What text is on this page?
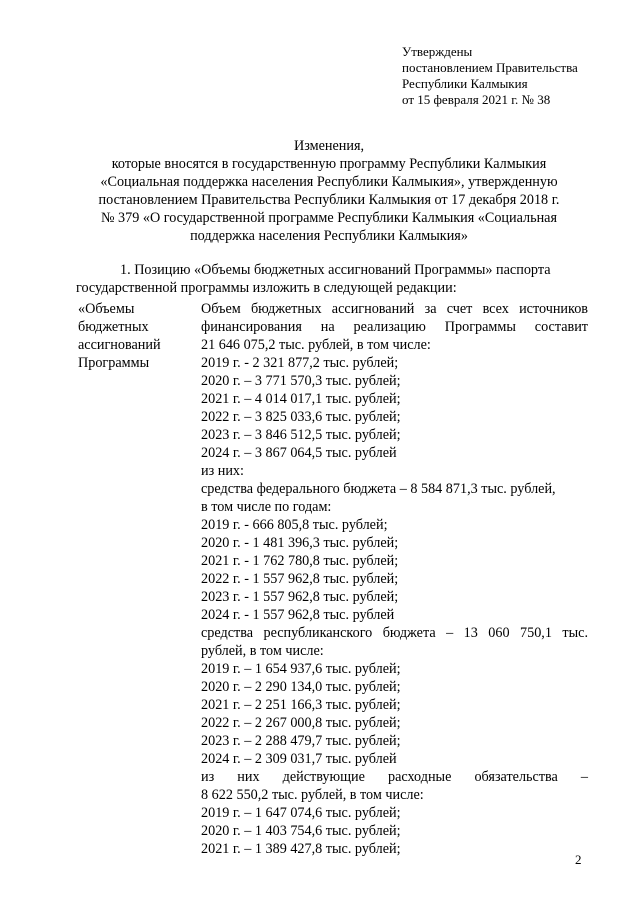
Утверждены
постановлением Правительства
Республики Калмыкия
от 15 февраля 2021 г. № 38
Изменения,
которые вносятся в государственную программу Республики Калмыкия
«Социальная поддержка населения Республики Калмыкия», утвержденную
постановлением Правительства Республики Калмыкия от 17 декабря 2018 г.
№ 379 «О государственной программе Республики Калмыкия «Социальная
поддержка населения Республики Калмыкия»
1. Позицию «Объемы бюджетных ассигнований Программы» паспорта
государственной программы изложить в следующей редакции:
«Объемы
бюджетных
ассигнований
Программы
Объем бюджетных ассигнований за счет всех источников
финансирования на реализацию Программы составит
21 646 075,2 тыс. рублей, в том числе:
2019 г. - 2 321 877,2 тыс. рублей;
2020 г. – 3 771 570,3 тыс. рублей;
2021 г. – 4 014 017,1 тыс. рублей;
2022 г. – 3 825 033,6 тыс. рублей;
2023 г. – 3 846 512,5 тыс. рублей;
2024 г. – 3 867 064,5 тыс. рублей
из них:
средства федерального бюджета – 8 584 871,3 тыс. рублей,
в том числе по годам:
2019 г. - 666 805,8 тыс. рублей;
2020 г. - 1 481 396,3 тыс. рублей;
2021 г. - 1 762 780,8 тыс. рублей;
2022 г. - 1 557 962,8 тыс. рублей;
2023 г. - 1 557 962,8 тыс. рублей;
2024 г. - 1 557 962,8 тыс. рублей
средства республиканского бюджета – 13 060 750,1 тыс.
рублей, в том числе:
2019 г. – 1 654 937,6 тыс. рублей;
2020 г. – 2 290 134,0 тыс. рублей;
2021 г. – 2 251 166,3 тыс. рублей;
2022 г. – 2 267 000,8 тыс. рублей;
2023 г. – 2 288 479,7 тыс. рублей;
2024 г. – 2 309 031,7 тыс. рублей
из них действующие расходные обязательства –
8 622 550,2 тыс. рублей, в том числе:
2019 г. – 1 647 074,6 тыс. рублей;
2020 г. – 1 403 754,6 тыс. рублей;
2021 г. – 1 389 427,8 тыс. рублей;
2
